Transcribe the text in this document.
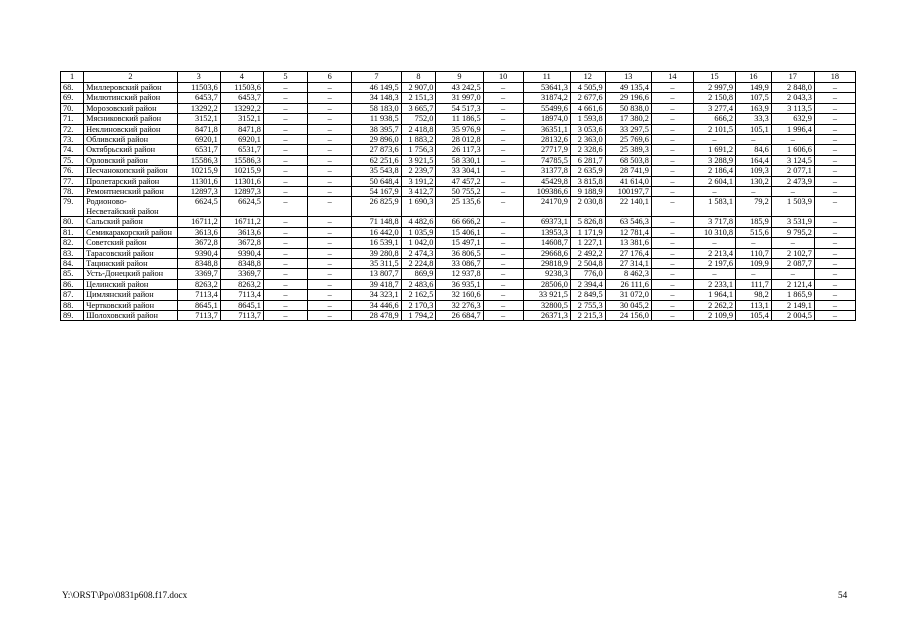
1	2	3	4	5	6	7	8	9	10	11	12	13	14	15	16	17	18
68.	Миллеровский район	11503,6	11503,6	–	–	46 149,5	2 907,0	43 242,5	–	53641,3	4 505,9	49 135,4	–	2 997,9	149,9	2 848,0	–
69.	Милютинский район	6453,7	6453,7	–	–	34 148,3	2 151,3	31 997,0	–	31874,2	2 677,6	29 196,6	–	2 150,8	107,5	2 043,3	–
70.	Морозовский район	13292,2	13292,2	–	–	58 183,0	3 665,7	54 517,3	–	55499,6	4 661,6	50 838,0	–	3 277,4	163,9	3 113,5	–
71.	Мясниковский район	3152,1	3152,1	–	–	11 938,5	752,0	11 186,5	–	18974,0	1 593,8	17 380,2	–	666,2	33,3	632,9	–
72.	Неклиновский район	8471,8	8471,8	–	–	38 395,7	2 418,8	35 976,9	–	36351,1	3 053,6	33 297,5	–	2 101,5	105,1	1 996,4	–
73.	Обливский район	6920,1	6920,1	–	–	29 896,0	1 883,2	28 012,8	–	28132,6	2 363,0	25 769,6	–	–	–	–	–
74.	Октябрьский район	6531,7	6531,7	–	–	27 873,6	1 756,3	26 117,3	–	27717,9	2 328,6	25 389,3	–	1 691,2	84,6	1 606,6	–
75.	Орловский район	15586,3	15586,3	–	–	62 251,6	3 921,5	58 330,1	–	74785,5	6 281,7	68 503,8	–	3 288,9	164,4	3 124,5	–
76.	Песчанокопский район	10215,9	10215,9	–	–	35 543,8	2 239,7	33 304,1	–	31377,8	2 635,9	28 741,9	–	2 186,4	109,3	2 077,1	–
77.	Пролетарский район	11301,6	11301,6	–	–	50 648,4	3 191,2	47 457,2	–	45429,8	3 815,8	41 614,0	–	2 604,1	130,2	2 473,9	–
78.	Ремонтненский район	12897,3	12897,3	–	–	54 167,9	3 412,7	50 755,2	–	109386,6	9 188,9	100197,7	–	–	–	–	–
79.	Родионово-Несветайский район	6624,5	6624,5	–	–	26 825,9	1 690,3	25 135,6	–	24170,9	2 030,8	22 140,1	–	1 583,1	79,2	1 503,9	–
80.	Сальский район	16711,2	16711,2	–	–	71 148,8	4 482,6	66 666,2	–	69373,1	5 826,8	63 546,3	–	3 717,8	185,9	3 531,9	–
81.	Семикаракорский район	3613,6	3613,6	–	–	16 442,0	1 035,9	15 406,1	–	13953,3	1 171,9	12 781,4	–	10 310,8	515,6	9 795,2	–
82.	Советский район	3672,8	3672,8	–	–	16 539,1	1 042,0	15 497,1	–	14608,7	1 227,1	13 381,6	–	–	–	–	–
83.	Тарасовский район	9390,4	9390,4	–	–	39 280,8	2 474,3	36 806,5	–	29668,6	2 492,2	27 176,4	–	2 213,4	110,7	2 102,7	–
84.	Тацинский район	8348,8	8348,8	–	–	35 311,5	2 224,8	33 086,7	–	29818,9	2 504,8	27 314,1	–	2 197,6	109,9	2 087,7	–
85.	Усть-Донецкий район	3369,7	3369,7	–	–	13 807,7	869,9	12 937,8	–	9238,3	776,0	8 462,3	–	–	–	–	–
86.	Целинский район	8263,2	8263,2	–	–	39 418,7	2 483,6	36 935,1	–	28506,0	2 394,4	26 111,6	–	2 233,1	111,7	2 121,4	–
87.	Цимлянский район	7113,4	7113,4	–	–	34 323,1	2 162,5	32 160,6	–	33 921,5	2 849,5	31 072,0	–	1 964,1	98,2	1 865,9	–
88.	Чертковский район	8645,1	8645,1	–	–	34 446,6	2 170,3	32 276,3	–	32800,5	2 755,3	30 045,2	–	2 262,2	113,1	2 149,1	–
89.	Шолоховский район	7113,7	7113,7	–	–	28 478,9	1 794,2	26 684,7	–	26371,3	2 215,3	24 156,0	–	2 109,9	105,4	2 004,5	–
Y:\ORST\Ppo\0831p608.f17.docx	54
